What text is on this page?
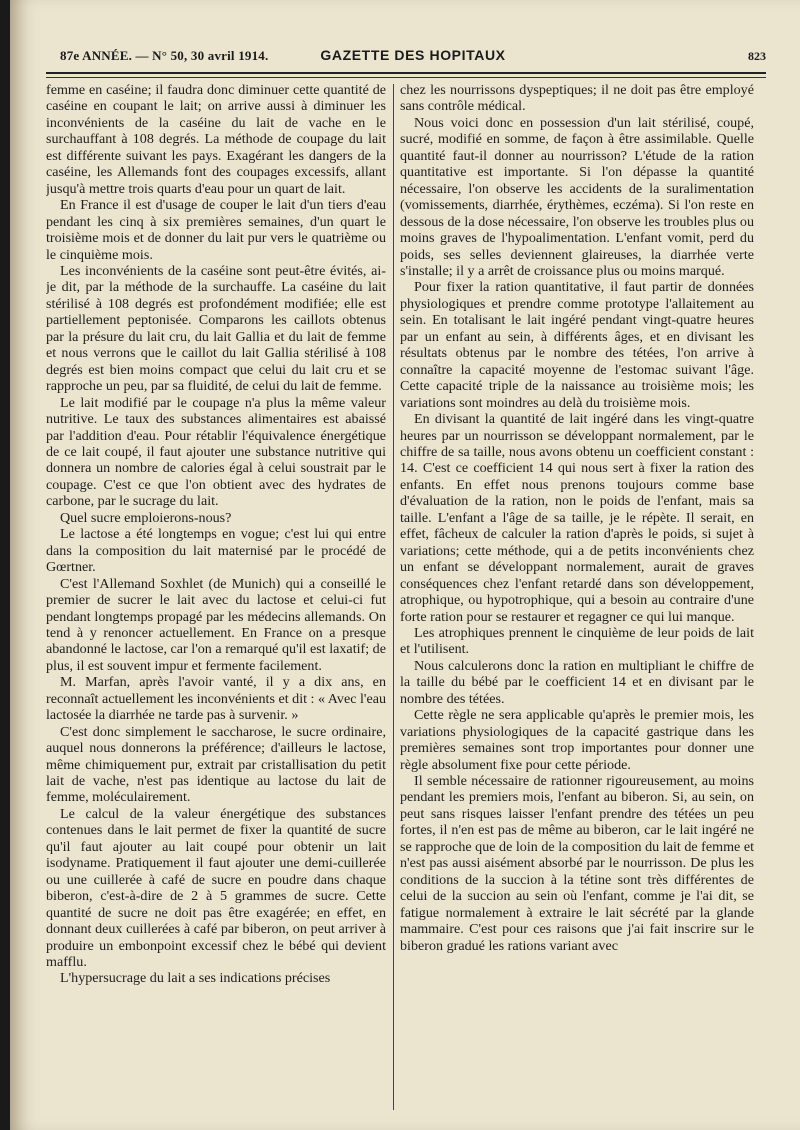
87e ANNÉE. — N° 50, 30 avril 1914.	GAZETTE DES HOPITAUX	823

femme en caséine; il faudra donc diminuer cette quantité de caséine en coupant le lait; on arrive aussi à diminuer les inconvénients de la caséine du lait de vache en le surchauffant à 108 degrés. La méthode de coupage du lait est différente suivant les pays. Exagérant les dangers de la caséine, les Allemands font des coupages excessifs, allant jusqu'à mettre trois quarts d'eau pour un quart de lait.

En France il est d'usage de couper le lait d'un tiers d'eau pendant les cinq à six premières semaines, d'un quart le troisième mois et de donner du lait pur vers le quatrième ou le cinquième mois.

Les inconvénients de la caséine sont peut-être évités, ai-je dit, par la méthode de la surchauffe. La caséine du lait stérilisé à 108 degrés est profondément modifiée; elle est partiellement peptonisée. Comparons les caillots obtenus par la présure du lait cru, du lait Gallia et du lait de femme et nous verrons que le caillot du lait Gallia stérilisé à 108 degrés est bien moins compact que celui du lait cru et se rapproche un peu, par sa fluidité, de celui du lait de femme.

Le lait modifié par le coupage n'a plus la même valeur nutritive. Le taux des substances alimentaires est abaissé par l'addition d'eau. Pour rétablir l'équivalence énergétique de ce lait coupé, il faut ajouter une substance nutritive qui donnera un nombre de calories égal à celui soustrait par le coupage. C'est ce que l'on obtient avec des hydrates de carbone, par le sucrage du lait.

Quel sucre emploierons-nous?

Le lactose a été longtemps en vogue; c'est lui qui entre dans la composition du lait maternisé par le procédé de Gœrtner.

C'est l'Allemand Soxhlet (de Munich) qui a conseillé le premier de sucrer le lait avec du lactose et celui-ci fut pendant longtemps propagé par les médecins allemands. On tend à y renoncer actuellement. En France on a presque abandonné le lactose, car l'on a remarqué qu'il est laxatif; de plus, il est souvent impur et fermente facilement.

M. Marfan, après l'avoir vanté, il y a dix ans, en reconnaît actuellement les inconvénients et dit : « Avec l'eau lactosée la diarrhée ne tarde pas à survenir. »

C'est donc simplement le saccharose, le sucre ordinaire, auquel nous donnerons la préférence; d'ailleurs le lactose, même chimiquement pur, extrait par cristallisation du petit lait de vache, n'est pas identique au lactose du lait de femme, moléculairement.

Le calcul de la valeur énergétique des substances contenues dans le lait permet de fixer la quantité de sucre qu'il faut ajouter au lait coupé pour obtenir un lait isodyname. Pratiquement il faut ajouter une demi-cuillerée ou une cuillerée à café de sucre en poudre dans chaque biberon, c'est-à-dire de 2 à 5 grammes de sucre. Cette quantité de sucre ne doit pas être exagérée; en effet, en donnant deux cuillerées à café par biberon, on peut arriver à produire un embonpoint excessif chez le bébé qui devient mafflu.

L'hypersucrage du lait a ses indications précises

chez les nourrissons dyspeptiques; il ne doit pas être employé sans contrôle médical.

Nous voici donc en possession d'un lait stérilisé, coupé, sucré, modifié en somme, de façon à être assimilable. Quelle quantité faut-il donner au nourrisson? L'étude de la ration quantitative est importante. Si l'on dépasse la quantité nécessaire, l'on observe les accidents de la suralimentation (vomissements, diarrhée, érythèmes, eczéma). Si l'on reste en dessous de la dose nécessaire, l'on observe les troubles plus ou moins graves de l'hypoalimentation. L'enfant vomit, perd du poids, ses selles deviennent glaireuses, la diarrhée verte s'installe; il y a arrêt de croissance plus ou moins marqué.

Pour fixer la ration quantitative, il faut partir de données physiologiques et prendre comme prototype l'allaitement au sein. En totalisant le lait ingéré pendant vingt-quatre heures par un enfant au sein, à différents âges, et en divisant les résultats obtenus par le nombre des tétées, l'on arrive à connaître la capacité moyenne de l'estomac suivant l'âge. Cette capacité triple de la naissance au troisième mois; les variations sont moindres au delà du troisième mois.

En divisant la quantité de lait ingéré dans les vingt-quatre heures par un nourrisson se développant normalement, par le chiffre de sa taille, nous avons obtenu un coefficient constant : 14. C'est ce coefficient 14 qui nous sert à fixer la ration des enfants. En effet nous prenons toujours comme base d'évaluation de la ration, non le poids de l'enfant, mais sa taille. L'enfant a l'âge de sa taille, je le répète. Il serait, en effet, fâcheux de calculer la ration d'après le poids, si sujet à variations; cette méthode, qui a de petits inconvénients chez un enfant se développant normalement, aurait de graves conséquences chez l'enfant retardé dans son développement, atrophique, ou hypotrophique, qui a besoin au contraire d'une forte ration pour se restaurer et regagner ce qui lui manque.

Les atrophiques prennent le cinquième de leur poids de lait et l'utilisent.

Nous calculerons donc la ration en multipliant le chiffre de la taille du bébé par le coefficient 14 et en divisant par le nombre des tétées.

Cette règle ne sera applicable qu'après le premier mois, les variations physiologiques de la capacité gastrique dans les premières semaines sont trop importantes pour donner une règle absolument fixe pour cette période.

Il semble nécessaire de rationner rigoureusement, au moins pendant les premiers mois, l'enfant au biberon. Si, au sein, on peut sans risques laisser l'enfant prendre des tétées un peu fortes, il n'en est pas de même au biberon, car le lait ingéré ne se rapproche que de loin de la composition du lait de femme et n'est pas aussi aisément absorbé par le nourrisson. De plus les conditions de la succion à la tétine sont très différentes de celui de la succion au sein où l'enfant, comme je l'ai dit, se fatigue normalement à extraire le lait sécrété par la glande mammaire. C'est pour ces raisons que j'ai fait inscrire sur le biberon gradué les rations variant avec
